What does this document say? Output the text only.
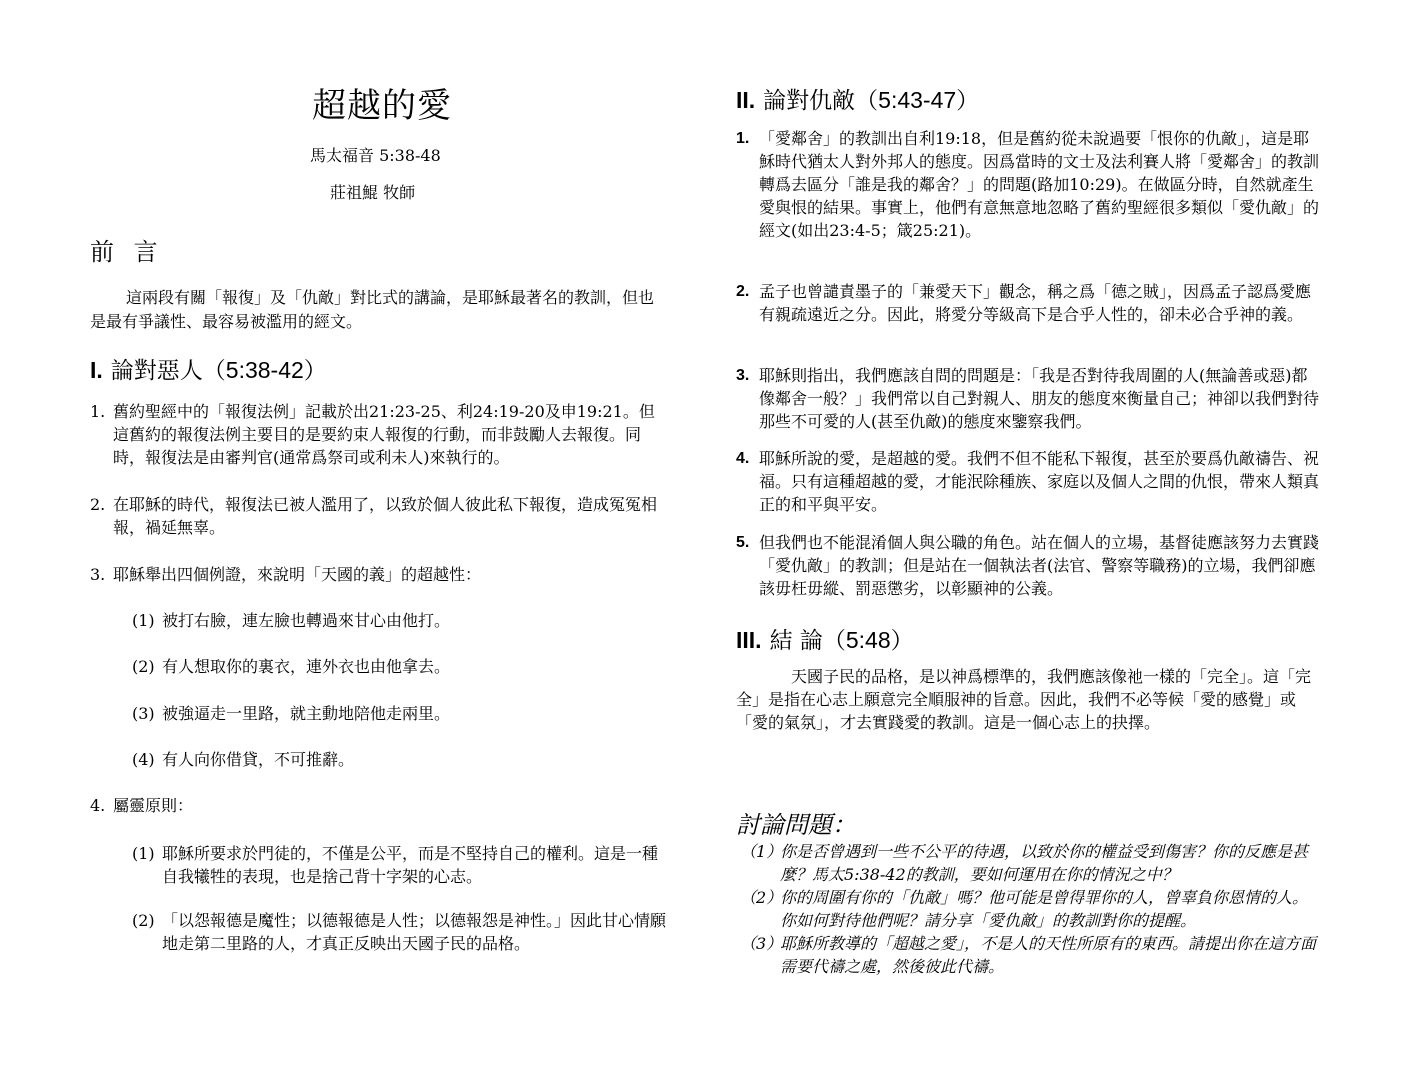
超越的愛
馬太福音 5:38-48
莊祖鯤 牧師
前 言

這兩段有關「報復」及「仇敵」對比式的講論，是耶穌最著名的教訓，但也是最有爭議性、最容易被濫用的經文。

I. 論對惡人（5:38-42）
1. 舊約聖經中的「報復法例」記載於出21:23-25、利24:19-20及申19:21。但這舊約的報復法例主要目的是要約束人報復的行動，而非鼓勵人去報復。同時，報復法是由審判官(通常爲祭司或利未人)來執行的。
2. 在耶穌的時代，報復法已被人濫用了，以致於個人彼此私下報復，造成冤冤相報，禍延無辜。
3. 耶穌舉出四個例證，來說明「天國的義」的超越性：
(1) 被打右臉，連左臉也轉過來甘心由他打。
(2) 有人想取你的裏衣，連外衣也由他拿去。
(3) 被強逼走一里路，就主動地陪他走兩里。
(4) 有人向你借貸，不可推辭。
4. 屬靈原則：
(1) 耶穌所要求於門徒的，不僅是公平，而是不堅持自己的權利。這是一種自我犧牲的表現，也是捨己背十字架的心志。
(2) 「以怨報德是魔性；以德報德是人性；以德報怨是神性。」因此甘心情願地走第二里路的人，才真正反映出天國子民的品格。
II. 論對仇敵（5:43-47）
1. 「愛鄰舍」的教訓出自利19:18，但是舊約從未說過要「恨你的仇敵」，這是耶穌時代猶太人對外邦人的態度。因爲當時的文士及法利賽人將「愛鄰舍」的教訓轉爲去區分「誰是我的鄰舍？」的問題(路加10:29)。在做區分時，自然就產生愛與恨的結果。事實上，他們有意無意地忽略了舊約聖經很多類似「愛仇敵」的經文(如出23:4-5；箴25:21)。
2. 孟子也曾譴責墨子的「兼愛天下」觀念，稱之爲「德之賊」，因爲孟子認爲愛應有親疏遠近之分。因此，將愛分等級高下是合乎人性的，卻未必合乎神的義。
3. 耶穌則指出，我們應該自問的問題是：「我是否對待我周圍的人(無論善或惡)都像鄰舍一般？」我們常以自己對親人、朋友的態度來衡量自己；神卻以我們對待那些不可愛的人(甚至仇敵)的態度來鑒察我們。
4. 耶穌所說的愛，是超越的愛。我們不但不能私下報復，甚至於要爲仇敵禱告、祝福。只有這種超越的愛，才能泯除種族、家庭以及個人之間的仇恨，帶來人類真正的和平與平安。
5. 但我們也不能混淆個人與公職的角色。站在個人的立場，基督徒應該努力去實踐「愛仇敵」的教訓；但是站在一個執法者(法官、警察等職務)的立場，我們卻應該毋枉毋縱、罰惡懲劣，以彰顯神的公義。
III. 結 論（5:48）

天國子民的品格，是以神爲標準的，我們應該像祂一樣的「完全」。這「完全」是指在心志上願意完全順服神的旨意。因此，我們不必等候「愛的感覺」或「愛的氣氛」，才去實踐愛的教訓。這是一個心志上的抉擇。

討論問題：
（1）
你是否曾遇到一些不公平的待遇，以致於你的權益受到傷害？你的反應是甚麼？馬太5:38-42的教訓，要如何運用在你的情況之中？
（2）
你的周圍有你的「仇敵」嗎？他可能是曾得罪你的人，曾辜負你恩情的人。你如何對待他們呢？請分享「愛仇敵」的教訓對你的提醒。
（3）
耶穌所教導的「超越之愛」，不是人的天性所原有的東西。請提出你在這方面需要代禱之處，然後彼此代禱。
